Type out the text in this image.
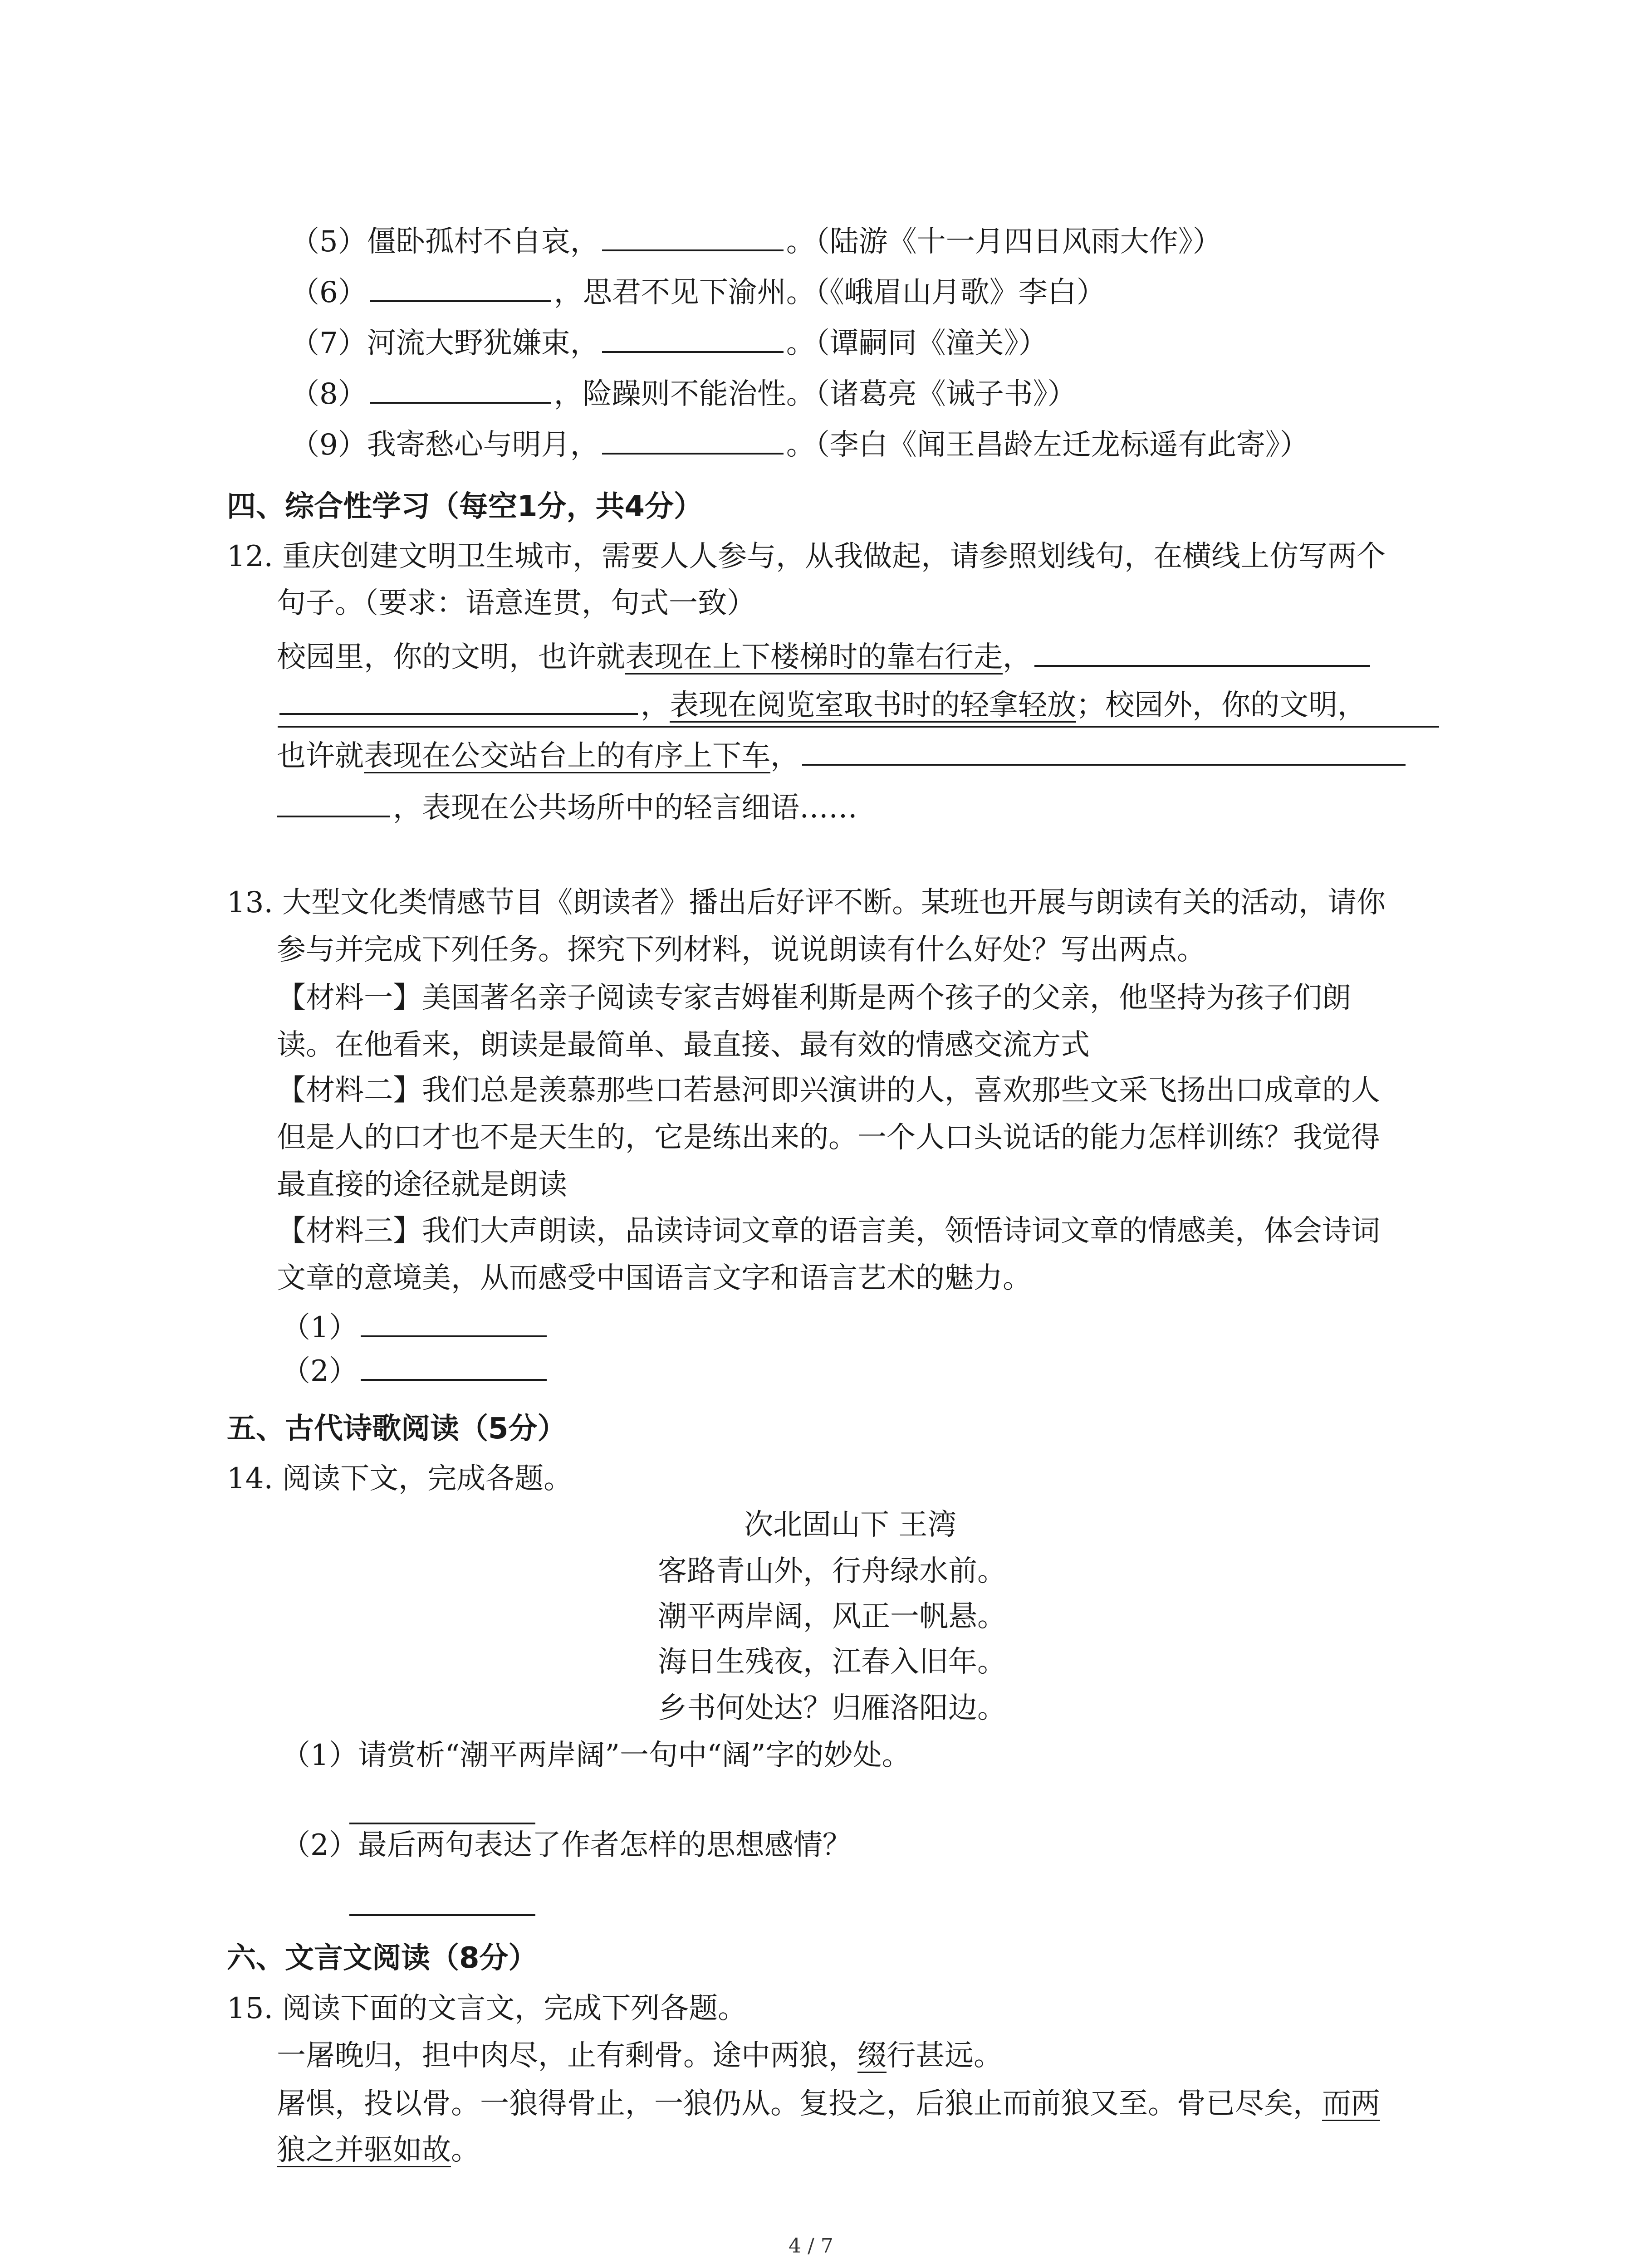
（5）僵卧孤村不自哀，	。（陆游《十一月四日风雨大作》）
（6）	，思君不见下渝州。（《峨眉山月歌》李白）
（7）河流大野犹嫌束，	。（谭嗣同《潼关》）
（8）	，险躁则不能治性。（诸葛亮《诫子书》）
（9）我寄愁心与明月，	。（李白《闻王昌龄左迁龙标遥有此寄》）
四、综合性学习（每空1分，共4分）
12. 重庆创建文明卫生城市，需要人人参与，从我做起，请参照划线句，在横线上仿写两个
句子。（要求：语意连贯，句式一致）
校园里，你的文明，也许就表现在上下楼梯时的靠右行走，
，表现在阅览室取书时的轻拿轻放；校园外，你的文明，
也许就表现在公交站台上的有序上下车，
，表现在公共场所中的轻言细语……
13. 大型文化类情感节目《朗读者》播出后好评不断。某班也开展与朗读有关的活动，请你
参与并完成下列任务。探究下列材料，说说朗读有什么好处？写出两点。
【材料一】美国著名亲子阅读专家吉姆崔利斯是两个孩子的父亲，他坚持为孩子们朗
读。在他看来，朗读是最简单、最直接、最有效的情感交流方式
【材料二】我们总是羡慕那些口若悬河即兴演讲的人，喜欢那些文采飞扬出口成章的人
但是人的口才也不是天生的，它是练出来的。一个人口头说话的能力怎样训练？我觉得
最直接的途径就是朗读
【材料三】我们大声朗读，品读诗词文章的语言美，领悟诗词文章的情感美，体会诗词
文章的意境美，从而感受中国语言文字和语言艺术的魅力。
（1）
（2）
五、古代诗歌阅读（5分）
14. 阅读下文，完成各题。
次北固山下 王湾
客路青山外，行舟绿水前。
潮平两岸阔，风正一帆悬。
海日生残夜，江春入旧年。
乡书何处达？归雁洛阳边。
（1）请赏析“潮平两岸阔”一句中“阔”字的妙处。
（2）最后两句表达了作者怎样的思想感情？
六、文言文阅读（8分）
15. 阅读下面的文言文，完成下列各题。
一屠晚归，担中肉尽，止有剩骨。途中两狼，缀行甚远。
屠惧，投以骨。一狼得骨止，一狼仍从。复投之，后狼止而前狼又至。骨已尽矣，而两
狼之并驱如故。
4 / 7
